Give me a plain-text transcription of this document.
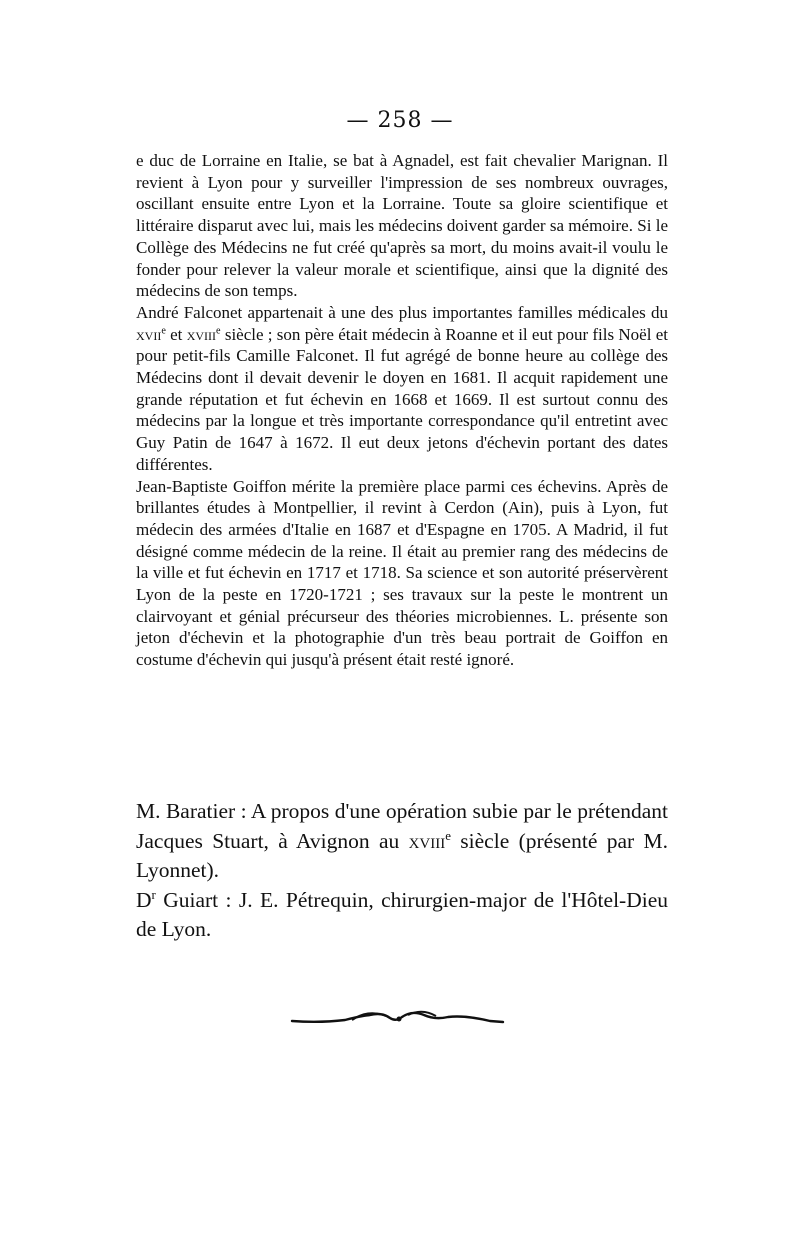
— 258 —

e duc de Lorraine en Italie, se bat à Agnadel, est fait chevalier Marignan. Il revient à Lyon pour y surveiller l'impression de ses nombreux ouvrages, oscillant ensuite entre Lyon et la Lorraine. Toute sa gloire scientifique et littéraire disparut avec lui, mais les médecins doivent garder sa mémoire. Si le Collège des Médecins ne fut créé qu'après sa mort, du moins avait-il voulu le fonder pour relever la valeur morale et scientifique, ainsi que la dignité des médecins de son temps.

André Falconet appartenait à une des plus importantes familles médicales du xvii$^e$ et xviii$^e$ siècle ; son père était médecin à Roanne et il eut pour fils Noël et pour petit-fils Camille Falconet. Il fut agrégé de bonne heure au collège des Médecins dont il devait devenir le doyen en 1681. Il acquit rapidement une grande réputation et fut échevin en 1668 et 1669. Il est surtout connu des médecins par la longue et très importante correspondance qu'il entretint avec Guy Patin de 1647 à 1672. Il eut deux jetons d'échevin portant des dates différentes.

Jean-Baptiste Goiffon mérite la première place parmi ces échevins. Après de brillantes études à Montpellier, il revint à Cerdon (Ain), puis à Lyon, fut médecin des armées d'Italie en 1687 et d'Espagne en 1705. A Madrid, il fut désigné comme médecin de la reine. Il était au premier rang des médecins de la ville et fut échevin en 1717 et 1718. Sa science et son autorité préservèrent Lyon de la peste en 1720-1721 ; ses travaux sur la peste le montrent un clairvoyant et génial précurseur des théories microbiennes. L. présente son jeton d'échevin et la photographie d'un très beau portrait de Goiffon en costume d'échevin qui jusqu'à présent était resté ignoré.

M. Baratier : A propos d'une opération subie par le prétendant Jacques Stuart, à Avignon au xviii$^e$ siècle (présenté par M. Lyonnet).

$D^r$ Guiart : J. E. Pétrequin, chirurgien-major de l'Hôtel-Dieu de Lyon.
